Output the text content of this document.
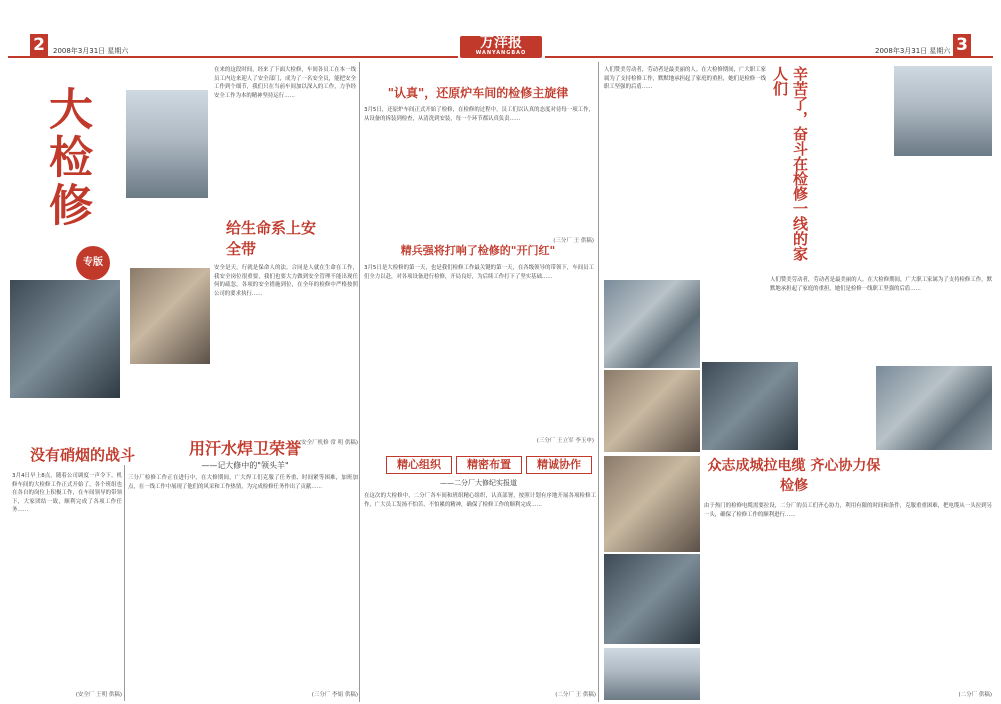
2	2008年3月31日 星期六	万洋报
WANYANGBAO	2008年3月31日 星期六 3
大检修
专版
在来的这段时间，经来了下面大检修，车间各员工在本一线员工内边来迎人了安全部门，成为了一名安全员，能把安全工作到个细节，我们只在当前车间加以深入的工作，力争经安全工作为本的精神坚持运行……
给生命系上安全带
安全是天，行就是保命人的法。合同是人就在生命在工作，我安全岗位很重要，我们也要大力做到安全管理不能出现任何的疏忽，各项的安全措施到位，在全年的检修中严格按照公司的要求执行……
(安全厂机修 常 明 供稿)
没有硝烟的战斗
3月4日早上8点，随着公司调度一声令下，机修车间的大检修工作正式开始了，各个班组也在各自的岗位上积极工作，在车间领导的带领下，大家团结一致，顺利完成了各项工作任务……
(安全厂 王明 供稿)
用汗水焊卫荣誉
——记大修中的"领头羊"
三分厂检修工作正在进行中，在大修期间，广大焊工们克服了任务重、时间紧等困难，加班加点，在一线工作中展现了他们的风采和工作热情，为完成检修任务作出了贡献……
(三分厂 李娟 供稿)
"认真"，还原炉车间的检修主旋律
3月5日，还原炉车间正式开始了检修，在检修的过程中，员工们以认真的态度对待每一项工作，从设备的拆装到检查，从清洗到安装，每一个环节都认真负责……
(三分厂 王 供稿)
精兵强将打响了检修的"开门红"
3月5日是大检修的第一天，也是我们检修工作最关键的第一天，在各级领导的带领下，车间员工们全力以赴，对各项设备进行检修，开局良好，为后续工作打下了坚实基础……
(三分厂 王立军 李玉申)
精心组织	精密布置	精诚协作
——二分厂大修纪实报道
在这次的大检修中，二分厂各车间和班组精心组织，认真部署，按照计划有序地开展各项检修工作，广大员工发扬不怕苦、不怕累的精神，确保了检修工作的顺利完成……
(二分厂 王 供稿)
人们赞美劳动者，劳动者是最美丽的人。在大检修期间，广大职工家属为了支持检修工作，默默地承担起了家庭的重担，她们是检修一线职工坚强的后盾……	辛苦了，奋斗在检修一线的家人们
人们赞美劳动者，劳动者是最美丽的人。在大检修期间，广大职工家属为了支持检修工作，默默地承担起了家庭的重担，她们是检修一线职工坚强的后盾……
众志成城拉电缆 齐心协力保检修
由于热门的检修电缆需要拉设，二分厂的员工们齐心协力，利用有限的时间和条件，克服重重困难，把电缆从一头拉到另一头，确保了检修工作的顺利进行……
(二分厂 供稿)
